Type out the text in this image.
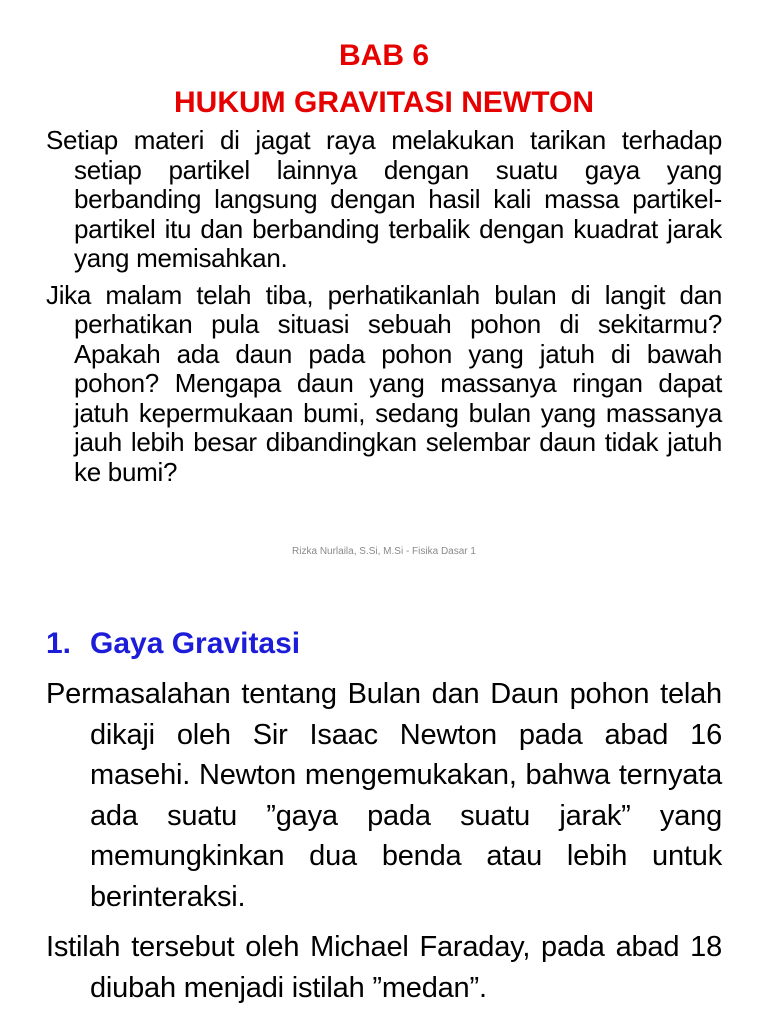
BAB 6
HUKUM GRAVITASI NEWTON

Setiap materi di jagat raya melakukan tarikan terhadap setiap partikel lainnya dengan suatu gaya yang berbanding langsung dengan hasil kali massa partikel-partikel itu dan berbanding terbalik dengan kuadrat jarak yang memisahkan.

Jika malam telah tiba, perhatikanlah bulan di langit dan perhatikan pula situasi sebuah pohon di sekitarmu? Apakah ada daun pada pohon yang jatuh di bawah pohon? Mengapa daun yang massanya ringan dapat jatuh kepermukaan bumi, sedang bulan yang massanya jauh lebih besar dibandingkan selembar daun tidak jatuh ke bumi?

Rizka Nurlaila, S.Si, M.Si - Fisika Dasar 1
1. Gaya Gravitasi

Permasalahan tentang Bulan dan Daun pohon telah dikaji oleh Sir Isaac Newton pada abad 16 masehi. Newton mengemukakan, bahwa ternyata ada suatu ”gaya pada suatu jarak” yang memungkinkan dua benda atau lebih untuk berinteraksi.

Istilah tersebut oleh Michael Faraday, pada abad 18 diubah menjadi istilah ”medan”.
